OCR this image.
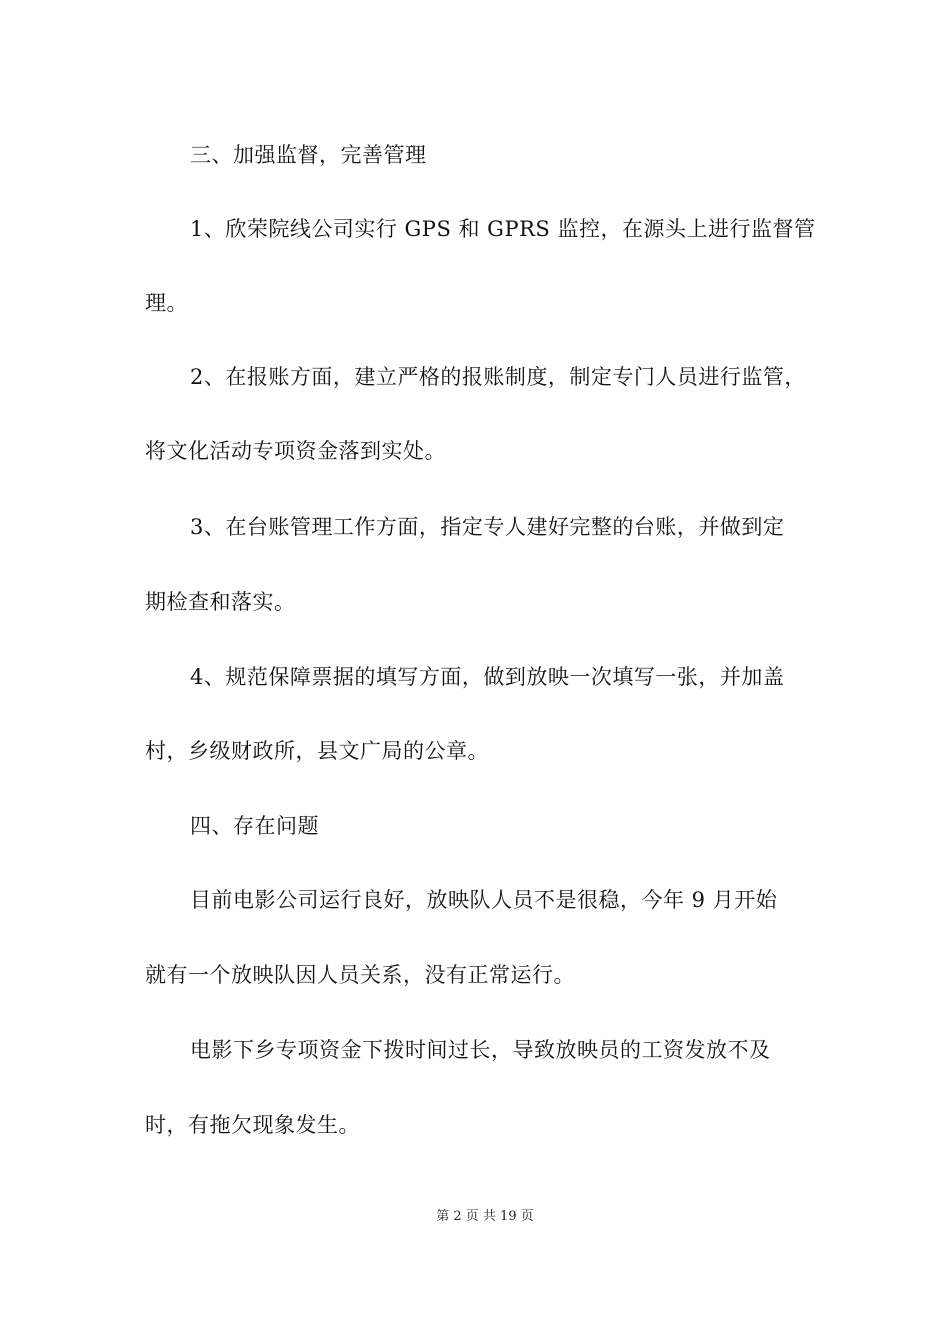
三、加强监督，完善管理
1、欣荣院线公司实行 GPS 和 GPRS 监控，在源头上进行监督管
理。
2、在报账方面，建立严格的报账制度，制定专门人员进行监管，
将文化活动专项资金落到实处。
3、在台账管理工作方面，指定专人建好完整的台账，并做到定
期检查和落实。
4、规范保障票据的填写方面，做到放映一次填写一张，并加盖
村，乡级财政所，县文广局的公章。
四、存在问题
目前电影公司运行良好，放映队人员不是很稳，今年 9 月开始
就有一个放映队因人员关系，没有正常运行。
电影下乡专项资金下拨时间过长，导致放映员的工资发放不及
时，有拖欠现象发生。
第 2 页 共 19 页
